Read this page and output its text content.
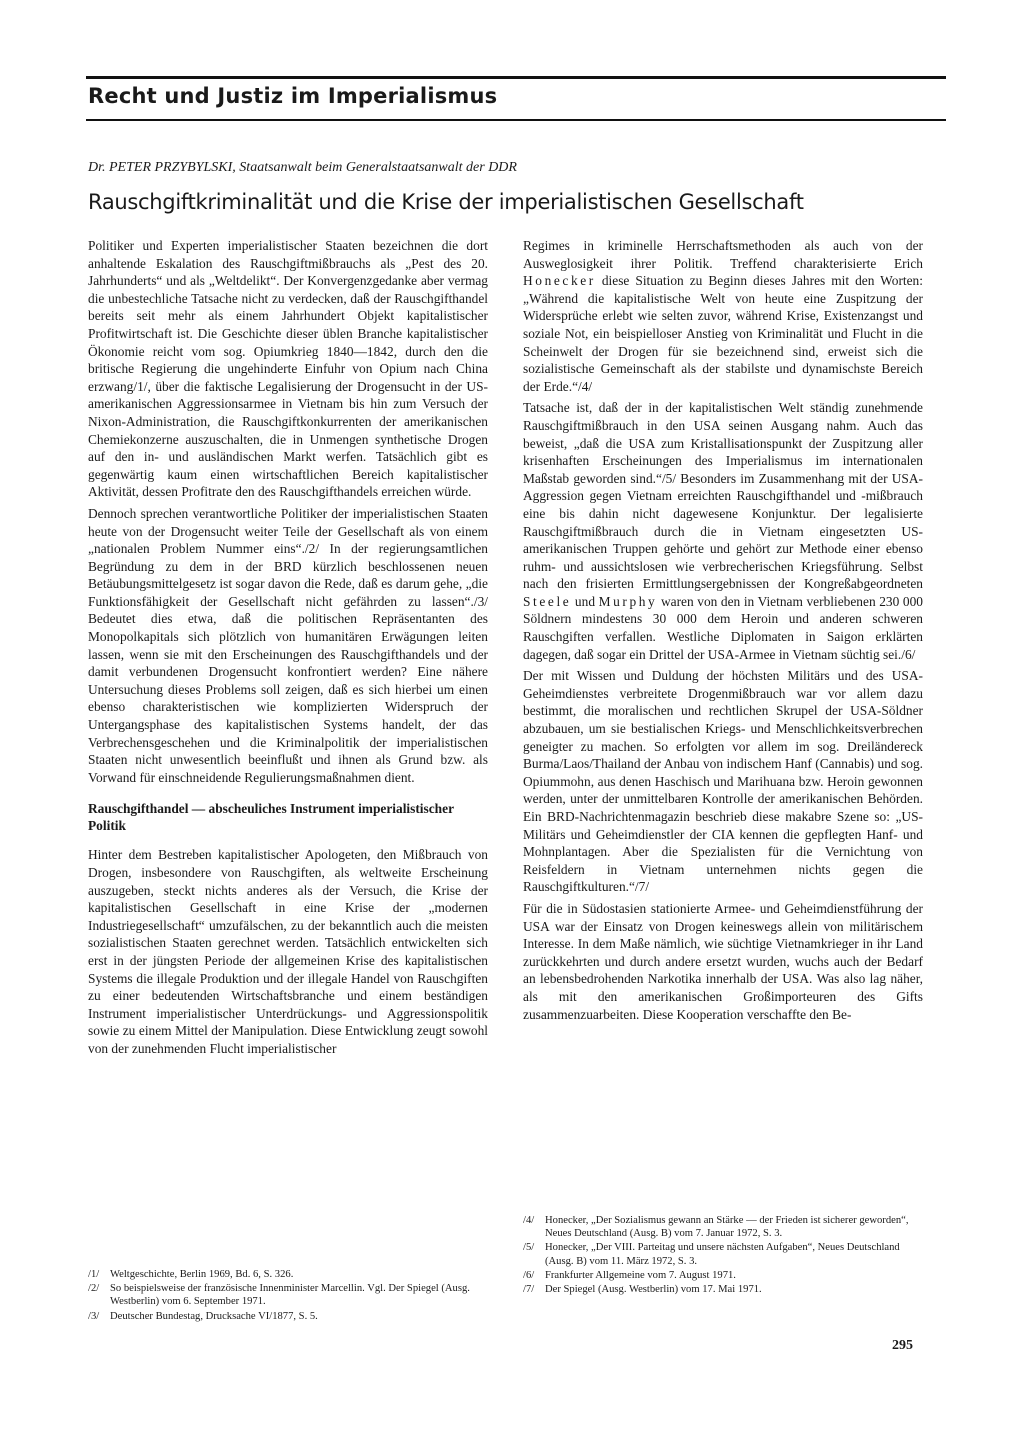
Recht und Justiz im Imperialismus

Dr. PETER PRZYBYLSKI, Staatsanwalt beim Generalstaatsanwalt der DDR

Rauschgiftkriminalität und die Krise der imperialistischen Gesellschaft

Politiker und Experten imperialistischer Staaten bezeichnen die dort anhaltende Eskalation des Rauschgiftmißbrauchs als „Pest des 20. Jahrhunderts“ und als „Weltdelikt“. Der Konvergenzgedanke aber vermag die unbestechliche Tatsache nicht zu verdecken, daß der Rauschgifthandel bereits seit mehr als einem Jahrhundert Objekt kapitalistischer Profitwirtschaft ist. Die Geschichte dieser üblen Branche kapitalistischer Ökonomie reicht vom sog. Opiumkrieg 1840—1842, durch den die britische Regierung die ungehinderte Einfuhr von Opium nach China erzwang/1/, über die faktische Legalisierung der Drogensucht in der US-amerikanischen Aggressionsarmee in Vietnam bis hin zum Versuch der Nixon-Administration, die Rauschgiftkonkurrenten der amerikanischen Chemiekonzerne auszuschalten, die in Unmengen synthetische Drogen auf den in- und ausländischen Markt werfen. Tatsächlich gibt es gegenwärtig kaum einen wirtschaftlichen Bereich kapitalistischer Aktivität, dessen Profitrate den des Rauschgifthandels erreichen würde.

Dennoch sprechen verantwortliche Politiker der imperialistischen Staaten heute von der Drogensucht weiter Teile der Gesellschaft als von einem „nationalen Problem Nummer eins“./2/ In der regierungsamtlichen Begründung zu dem in der BRD kürzlich beschlossenen neuen Betäubungsmittelgesetz ist sogar davon die Rede, daß es darum gehe, „die Funktionsfähigkeit der Gesellschaft nicht gefährden zu lassen“./3/ Bedeutet dies etwa, daß die politischen Repräsentanten des Monopolkapitals sich plötzlich von humanitären Erwägungen leiten lassen, wenn sie mit den Erscheinungen des Rauschgifthandels und der damit verbundenen Drogensucht konfrontiert werden? Eine nähere Untersuchung dieses Problems soll zeigen, daß es sich hierbei um einen ebenso charakteristischen wie komplizierten Widerspruch der Untergangsphase des kapitalistischen Systems handelt, der das Verbrechensgeschehen und die Kriminalpolitik der imperialistischen Staaten nicht unwesentlich beeinflußt und ihnen als Grund bzw. als Vorwand für einschneidende Regulierungsmaßnahmen dient.

Rauschgifthandel — abscheuliches Instrument imperialistischer Politik

Hinter dem Bestreben kapitalistischer Apologeten, den Mißbrauch von Drogen, insbesondere von Rauschgiften, als weltweite Erscheinung auszugeben, steckt nichts anderes als der Versuch, die Krise der kapitalistischen Gesellschaft in eine Krise der „modernen Industriegesellschaft“ umzufälschen, zu der bekanntlich auch die meisten sozialistischen Staaten gerechnet werden. Tatsächlich entwickelten sich erst in der jüngsten Periode der allgemeinen Krise des kapitalistischen Systems die illegale Produktion und der illegale Handel von Rauschgiften zu einer bedeutenden Wirtschaftsbranche und einem beständigen Instrument imperialistischer Unterdrückungs- und Aggressionspolitik sowie zu einem Mittel der Manipulation. Diese Entwicklung zeugt sowohl von der zunehmenden Flucht imperialistischer

Regimes in kriminelle Herrschaftsmethoden als auch von der Ausweglosigkeit ihrer Politik. Treffend charakterisierte Erich Honecker diese Situation zu Beginn dieses Jahres mit den Worten: „Während die kapitalistische Welt von heute eine Zuspitzung der Widersprüche erlebt wie selten zuvor, während Krise, Existenzangst und soziale Not, ein beispielloser Anstieg von Kriminalität und Flucht in die Scheinwelt der Drogen für sie bezeichnend sind, erweist sich die sozialistische Gemeinschaft als der stabilste und dynamischste Bereich der Erde.“/4/

Tatsache ist, daß der in der kapitalistischen Welt ständig zunehmende Rauschgiftmißbrauch in den USA seinen Ausgang nahm. Auch das beweist, „daß die USA zum Kristallisationspunkt der Zuspitzung aller krisenhaften Erscheinungen des Imperialismus im internationalen Maßstab geworden sind.“/5/ Besonders im Zusammenhang mit der USA-Aggression gegen Vietnam erreichten Rauschgifthandel und -mißbrauch eine bis dahin nicht dagewesene Konjunktur. Der legalisierte Rauschgiftmißbrauch durch die in Vietnam eingesetzten US-amerikanischen Truppen gehörte und gehört zur Methode einer ebenso ruhm- und aussichtslosen wie verbrecherischen Kriegsführung. Selbst nach den frisierten Ermittlungsergebnissen der Kongreßabgeordneten Steele und Murphy waren von den in Vietnam verbliebenen 230 000 Söldnern mindestens 30 000 dem Heroin und anderen schweren Rauschgiften verfallen. Westliche Diplomaten in Saigon erklärten dagegen, daß sogar ein Drittel der USA-Armee in Vietnam süchtig sei./6/

Der mit Wissen und Duldung der höchsten Militärs und des USA-Geheimdienstes verbreitete Drogenmißbrauch war vor allem dazu bestimmt, die moralischen und rechtlichen Skrupel der USA-Söldner abzubauen, um sie bestialischen Kriegs- und Menschlichkeitsverbrechen geneigter zu machen. So erfolgten vor allem im sog. Dreiländereck Burma/Laos/Thailand der Anbau von indischem Hanf (Cannabis) und sog. Opiummohn, aus denen Haschisch und Marihuana bzw. Heroin gewonnen werden, unter der unmittelbaren Kontrolle der amerikanischen Behörden. Ein BRD-Nachrichtenmagazin beschrieb diese makabre Szene so: „US-Militärs und Geheimdienstler der CIA kennen die gepflegten Hanf- und Mohnplantagen. Aber die Spezialisten für die Vernichtung von Reisfeldern in Vietnam unternehmen nichts gegen die Rauschgiftkulturen.“/7/

Für die in Südostasien stationierte Armee- und Geheimdienstführung der USA war der Einsatz von Drogen keineswegs allein von militärischem Interesse. In dem Maße nämlich, wie süchtige Vietnamkrieger in ihr Land zurückkehrten und durch andere ersetzt wurden, wuchs auch der Bedarf an lebensbedrohenden Narkotika innerhalb der USA. Was also lag näher, als mit den amerikanischen Großimporteuren des Gifts zusammenzuarbeiten. Diese Kooperation verschaffte den Be-

/1/	Weltgeschichte, Berlin 1969, Bd. 6, S. 326.
/2/	So beispielsweise der französische Innenminister Marcellin. Vgl. Der Spiegel (Ausg. Westberlin) vom 6. September 1971.
/3/	Deutscher Bundestag, Drucksache VI/1877, S. 5.
/4/	Honecker, „Der Sozialismus gewann an Stärke — der Frieden ist sicherer geworden“, Neues Deutschland (Ausg. B) vom 7. Januar 1972, S. 3.
/5/	Honecker, „Der VIII. Parteitag und unsere nächsten Aufgaben“, Neues Deutschland (Ausg. B) vom 11. März 1972, S. 3.
/6/	Frankfurter Allgemeine vom 7. August 1971.
/7/	Der Spiegel (Ausg. Westberlin) vom 17. Mai 1971.

295
